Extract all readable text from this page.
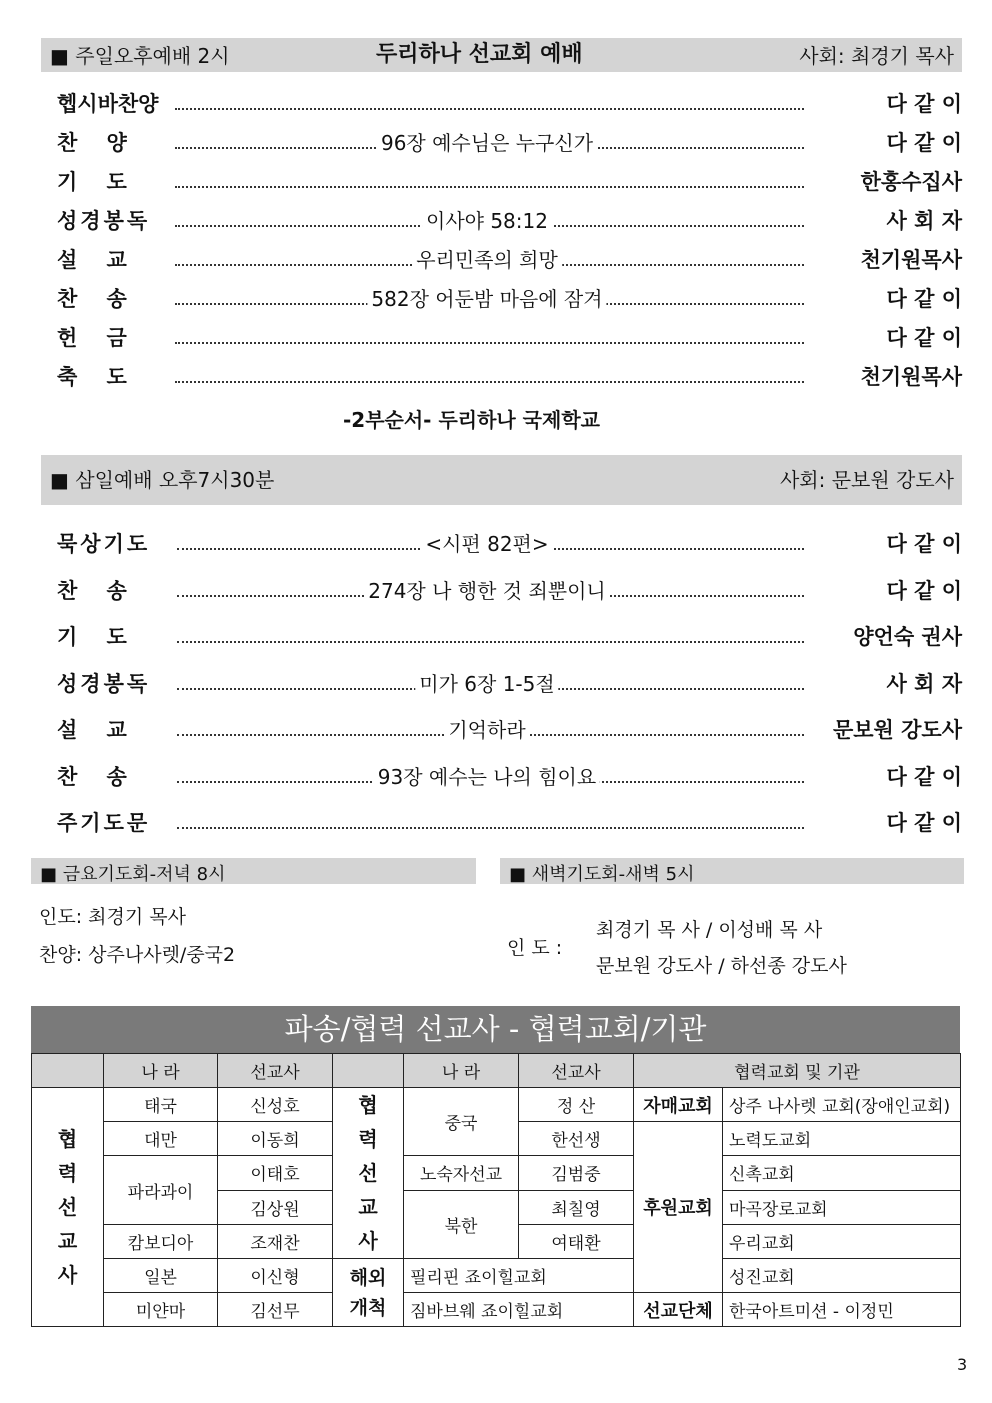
■ 주일오후예배 2시	두리하나 선교회 예배	사회: 최경기 목사
헵시바찬양	다 같 이
찬    양	96장 예수님은 누구신가	다 같 이
기    도	한홍수집사
성경봉독	이사야 58:12	사 회 자
설    교	우리민족의 희망	천기원목사
찬    송	582장 어둔밤 마음에 잠겨	다 같 이
헌    금	다 같 이
축    도	천기원목사
-2부순서- 두리하나 국제학교
■ 삼일예배 오후7시30분	사회: 문보원 강도사
묵상기도	<시편 82편>	다 같 이
찬    송	274장 나 행한 것 죄뿐이니	다 같 이
기    도	양언숙 권사
성경봉독	미가 6장 1-5절	사 회 자
설    교	기억하라	문보원 강도사
찬    송	93장 예수는 나의 힘이요	다 같 이
주기도문	다 같 이
■ 금요기도회-저녁 8시
인도: 최경기 목사
찬양: 상주나사렛/중국2
■ 새벽기도회-새벽 5시
인 도 :
최경기 목 사 / 이성배 목 사
문보원 강도사 / 하선종 강도사
파송/협력 선교사 - 협력교회/기관
	나 라	선교사		나 라	선교사	협력교회 및 기관	

협력선교사	태국	신성호	협력선교사	중국	정 산	자매교회	상주 나사렛 교회(장애인교회)
	대만	이동희			한선생	후원교회	노력도교회
	파라과이	이태호		노숙자선교	김범중		신촉교회
		김상원		북한	최칠영		마곡장로교회
	캄보디아	조재찬			여태환		우리교회
	일본	이신형	해외개척	필리핀 죠이힐교회			성진교회
	미얀마	김선무		짐바브웨 죠이힐교회		선교단체	한국아트미션 - 이정민
3
